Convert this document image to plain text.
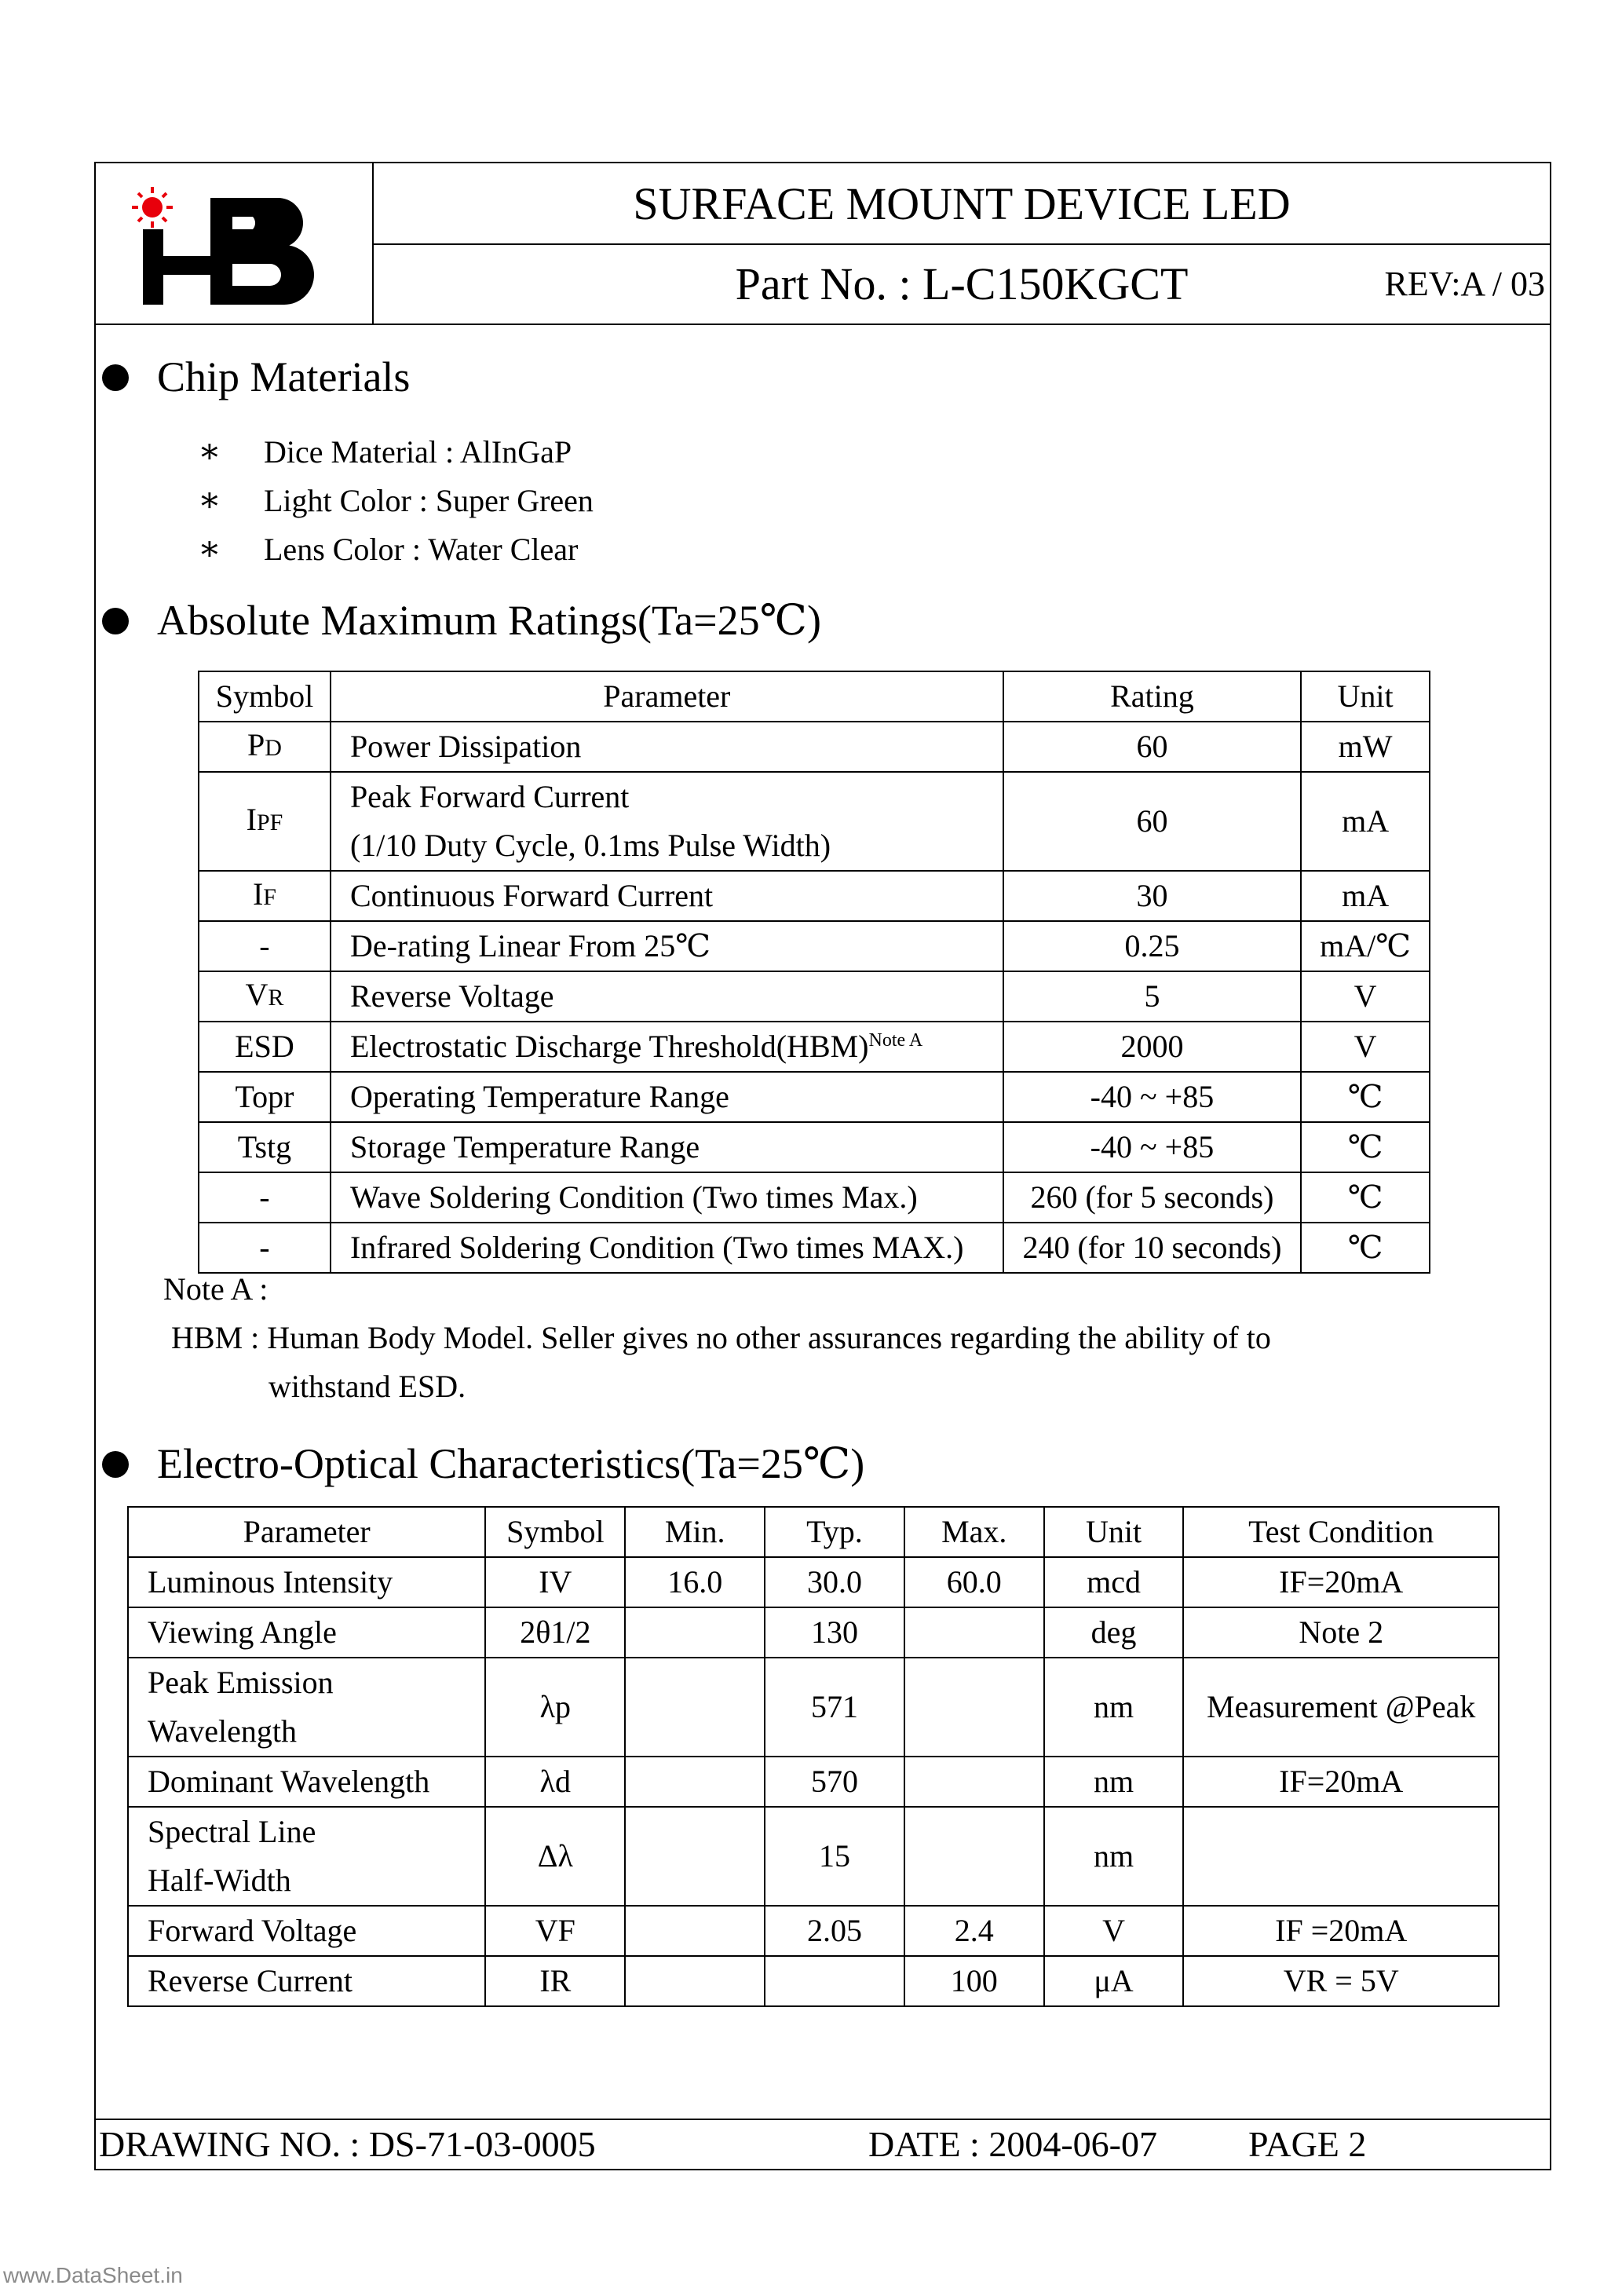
SURFACE MOUNT DEVICE LED
Part No. : L-C150KGCT	REV:A / 03
Chip Materials
∗ Dice Material : AlInGaP
∗ Light Color : Super Green
∗ Lens Color : Water Clear
Absolute Maximum Ratings(Ta=25℃)
Symbol	Parameter	Rating	Unit
PD	Power Dissipation	60	mW
IPF	Peak Forward Current
(1/10 Duty Cycle, 0.1ms Pulse Width)	60	mA
IF	Continuous Forward Current	30	mA
-	De-rating Linear From 25℃	0.25	mA/℃
VR	Reverse Voltage	5	V
ESD	Electrostatic Discharge Threshold(HBM)$^{Note A}$	2000	V
Topr	Operating Temperature Range	-40 ~ +85	℃
Tstg	Storage Temperature Range	-40 ~ +85	℃
-	Wave Soldering Condition (Two times Max.)	260 (for 5 seconds)	℃
-	Infrared Soldering Condition (Two times MAX.)	240 (for 10 seconds)	℃
Note A :
HBM : Human Body Model. Seller gives no other assurances regarding the ability of to
withstand ESD.
Electro-Optical Characteristics(Ta=25℃)
Parameter	Symbol	Min.	Typ.	Max.	Unit	Test Condition
Luminous Intensity	IV	16.0	30.0	60.0	mcd	IF=20mA
Viewing Angle	2θ1/2		130		deg	Note 2
Peak Emission
Wavelength	λp		571		nm	Measurement @Peak
Dominant Wavelength	λd		570		nm	IF=20mA
Spectral Line
Half-Width	Δλ		15		nm	
Forward Voltage	VF		2.05	2.4	V	IF =20mA
Reverse Current	IR			100	μA	VR = 5V
DRAWING NO. : DS-71-03-0005	DATE : 2004-06-07	PAGE 2
www.DataSheet.in
